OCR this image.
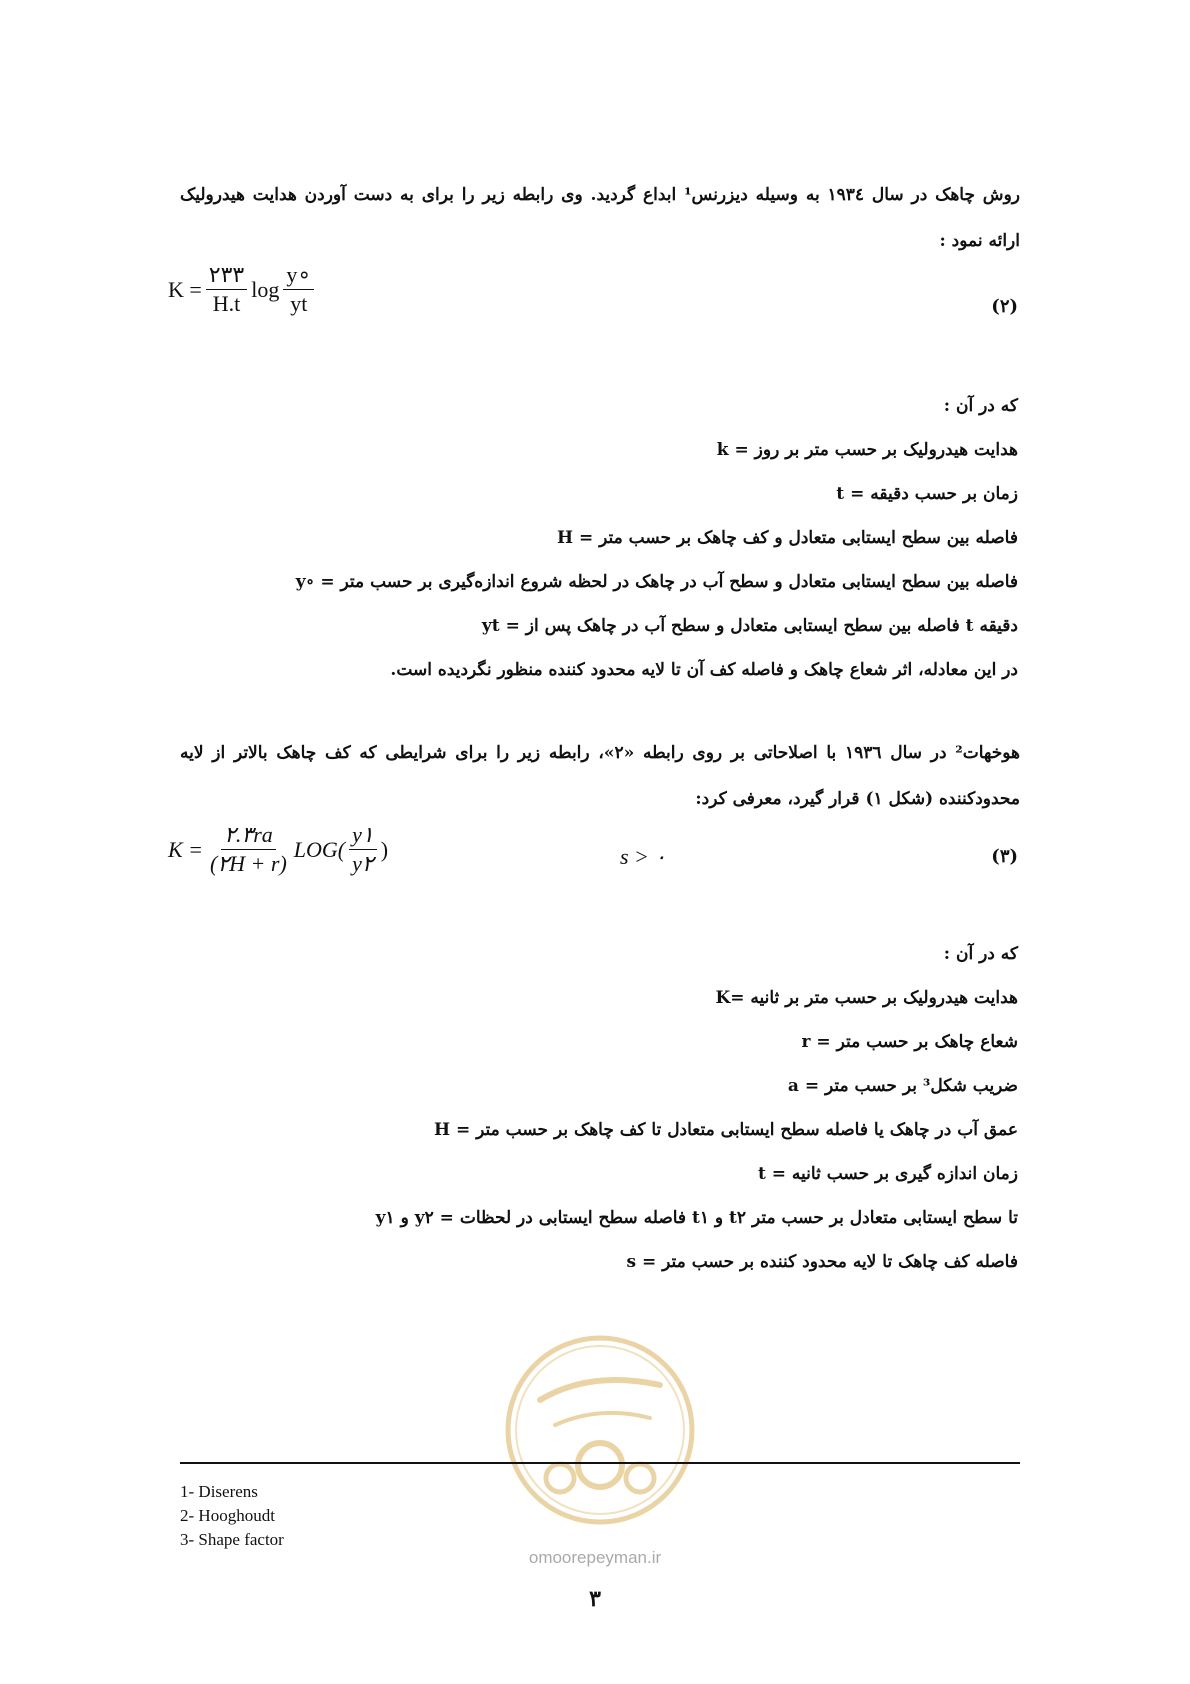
روش چاهک در سال ۱۹۳٤ به وسیله دیزرنس¹ ابداع گردید. وی رابطه زیر را برای به دست آوردن هدایت هیدرولیک ارائه نمود :
$K = \frac{۲۳۳}{H.t}$ $\log \frac{y\circ}{yt}$	(۲)
که در آن :
k = هدایت هیدرولیک بر حسب متر بر روز
t = زمان بر حسب دقیقه
H = فاصله بین سطح ایستابی متعادل و کف چاهک بر حسب متر
y∘ = فاصله بین سطح ایستابی متعادل و سطح آب در چاهک در لحظه شروع اندازه‌گیری بر حسب متر
yt = فاصله بین سطح ایستابی متعادل و سطح آب در چاهک پس از t دقیقه
در این معادله، اثر شعاع چاهک و فاصله کف آن تا لایه محدود کننده منظور نگردیده است.
هوخهات² در سال ۱۹۳٦ با اصلاحاتی بر روی رابطه «۲»، رابطه زیر را برای شرایطی که کف چاهک بالاتر از لایه محدودکننده (شکل ۱) قرار گیرد، معرفی کرد:
$K = \frac{۲.۳ra}{(۲H + r)} LOG( \frac{y۱}{y۲}$ )	s > ۰	(۳)
که در آن :
K= هدایت هیدرولیک بر حسب متر بر ثانیه
r = شعاع چاهک بر حسب متر
a = ضریب شکل³ بر حسب متر
H = عمق آب در چاهک یا فاصله سطح ایستابی متعادل تا کف چاهک بر حسب متر
t = زمان اندازه گیری بر حسب ثانیه
y۱ و y۲ = فاصله سطح ایستابی در لحظات t۱ و t۲ تا سطح ایستابی متعادل بر حسب متر
s = فاصله کف چاهک تا لایه محدود کننده بر حسب متر
1- Diserens
2- Hooghoudt
3- Shape factor
omoorepeyman.ir
۳
